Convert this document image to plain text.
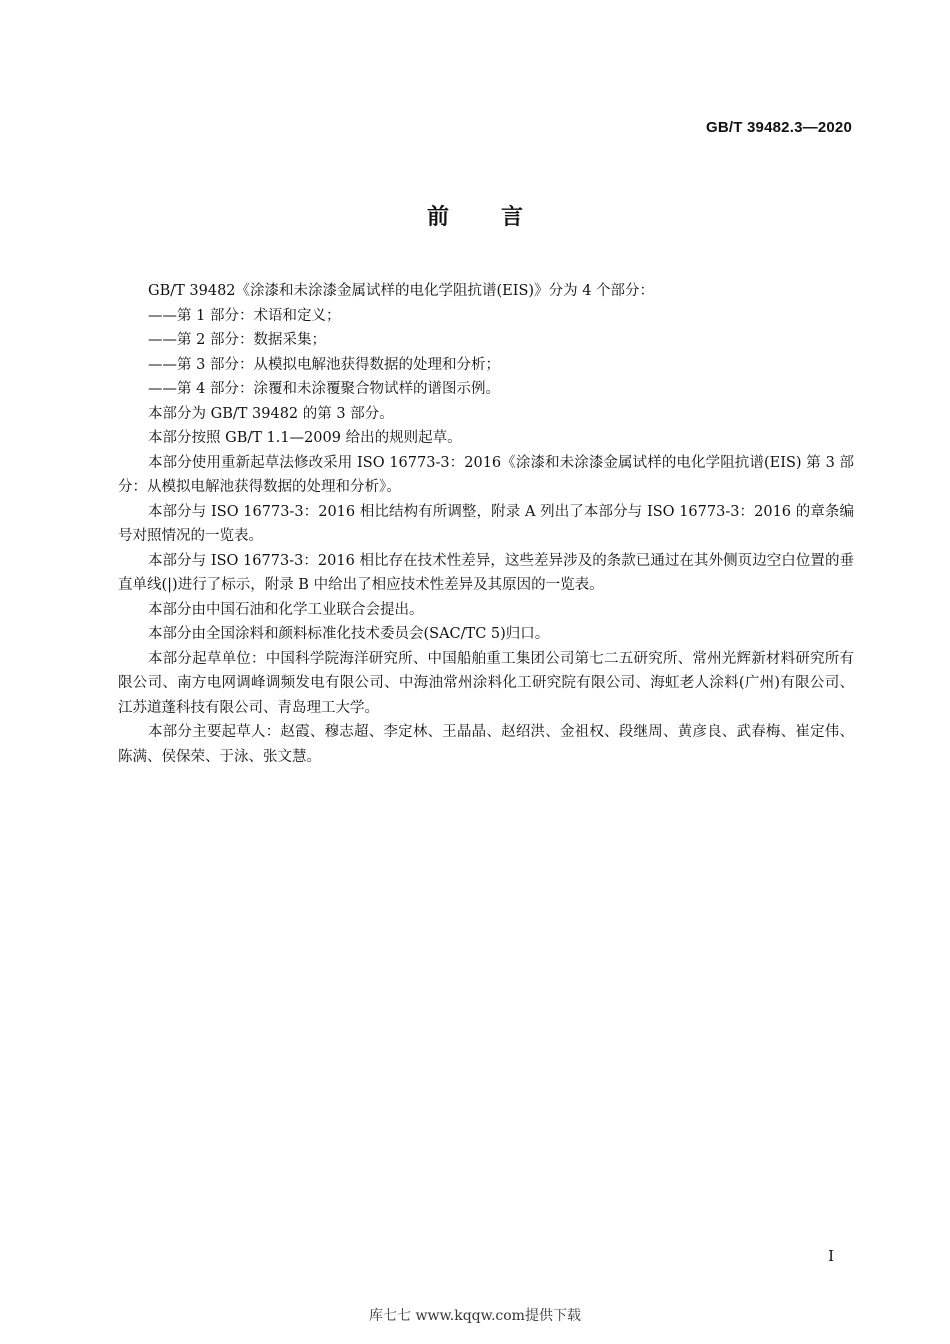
GB/T 39482.3—2020
前言

GB/T 39482《涂漆和未涂漆金属试样的电化学阻抗谱(EIS)》分为 4 个部分：

——第 1 部分：术语和定义；

——第 2 部分：数据采集；

——第 3 部分：从模拟电解池获得数据的处理和分析；

——第 4 部分：涂覆和未涂覆聚合物试样的谱图示例。

本部分为 GB/T 39482 的第 3 部分。

本部分按照 GB/T 1.1—2009 给出的规则起草。

本部分使用重新起草法修改采用 ISO 16773-3：2016《涂漆和未涂漆金属试样的电化学阻抗谱(EIS) 第 3 部分：从模拟电解池获得数据的处理和分析》。

本部分与 ISO 16773-3：2016 相比结构有所调整，附录 A 列出了本部分与 ISO 16773-3：2016 的章条编号对照情况的一览表。

本部分与 ISO 16773-3：2016 相比存在技术性差异，这些差异涉及的条款已通过在其外侧页边空白位置的垂直单线(|)进行了标示，附录 B 中给出了相应技术性差异及其原因的一览表。

本部分由中国石油和化学工业联合会提出。

本部分由全国涂料和颜料标准化技术委员会(SAC/TC 5)归口。

本部分起草单位：中国科学院海洋研究所、中国船舶重工集团公司第七二五研究所、常州光辉新材料研究所有限公司、南方电网调峰调频发电有限公司、中海油常州涂料化工研究院有限公司、海虹老人涂料(广州)有限公司、江苏道蓬科技有限公司、青岛理工大学。

本部分主要起草人：赵霞、穆志超、李定林、王晶晶、赵绍洪、金祖权、段继周、黄彦良、武春梅、崔定伟、陈满、侯保荣、于泳、张文慧。

I
库七七 www.kqqw.com提供下载
